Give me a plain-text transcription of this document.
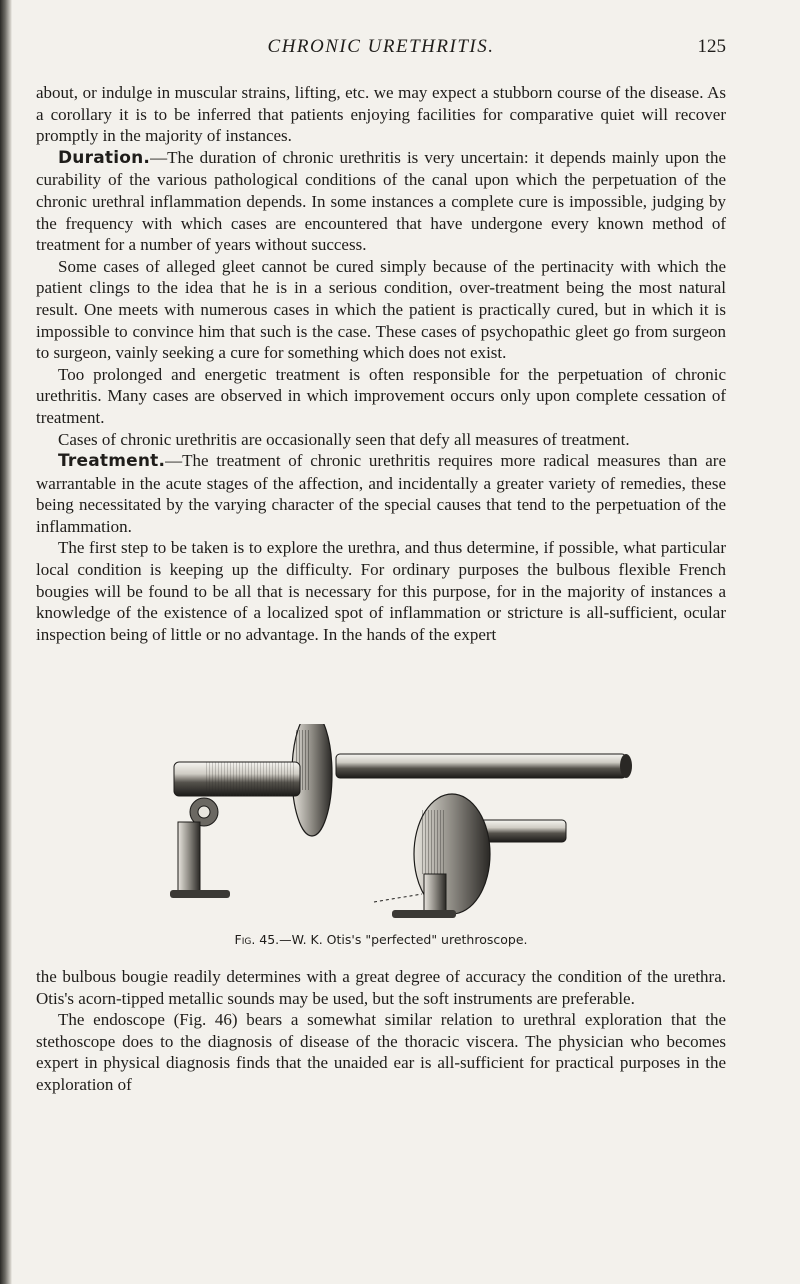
CHRONIC URETHRITIS.	125

about, or indulge in muscular strains, lifting, etc. we may expect a stubborn course of the disease. As a corollary it is to be inferred that patients enjoying facilities for comparative quiet will recover promptly in the majority of instances.

Duration.—The duration of chronic urethritis is very uncertain: it depends mainly upon the curability of the various pathological conditions of the canal upon which the perpetuation of the chronic urethral inflammation depends. In some instances a complete cure is impossible, judging by the frequency with which cases are encountered that have undergone every known method of treatment for a number of years without success.

Some cases of alleged gleet cannot be cured simply because of the pertinacity with which the patient clings to the idea that he is in a serious condition, over-treatment being the most natural result. One meets with numerous cases in which the patient is practically cured, but in which it is impossible to convince him that such is the case. These cases of psychopathic gleet go from surgeon to surgeon, vainly seeking a cure for something which does not exist.

Too prolonged and energetic treatment is often responsible for the perpetuation of chronic urethritis. Many cases are observed in which improvement occurs only upon complete cessation of treatment.

Cases of chronic urethritis are occasionally seen that defy all measures of treatment.

Treatment.—The treatment of chronic urethritis requires more radical measures than are warrantable in the acute stages of the affection, and incidentally a greater variety of remedies, these being necessitated by the varying character of the special causes that tend to the perpetuation of the inflammation.

The first step to be taken is to explore the urethra, and thus determine, if possible, what particular local condition is keeping up the difficulty. For ordinary purposes the bulbous flexible French bougies will be found to be all that is necessary for this purpose, for in the majority of instances a knowledge of the existence of a localized spot of inflammation or stricture is all-sufficient, ocular inspection being of little or no advantage. In the hands of the expert

Fig. 45.—W. K. Otis's "perfected" urethroscope.

the bulbous bougie readily determines with a great degree of accuracy the condition of the urethra. Otis's acorn-tipped metallic sounds may be used, but the soft instruments are preferable.

The endoscope (Fig. 46) bears a somewhat similar relation to urethral exploration that the stethoscope does to the diagnosis of disease of the thoracic viscera. The physician who becomes expert in physical diagnosis finds that the unaided ear is all-sufficient for practical purposes in the exploration of
